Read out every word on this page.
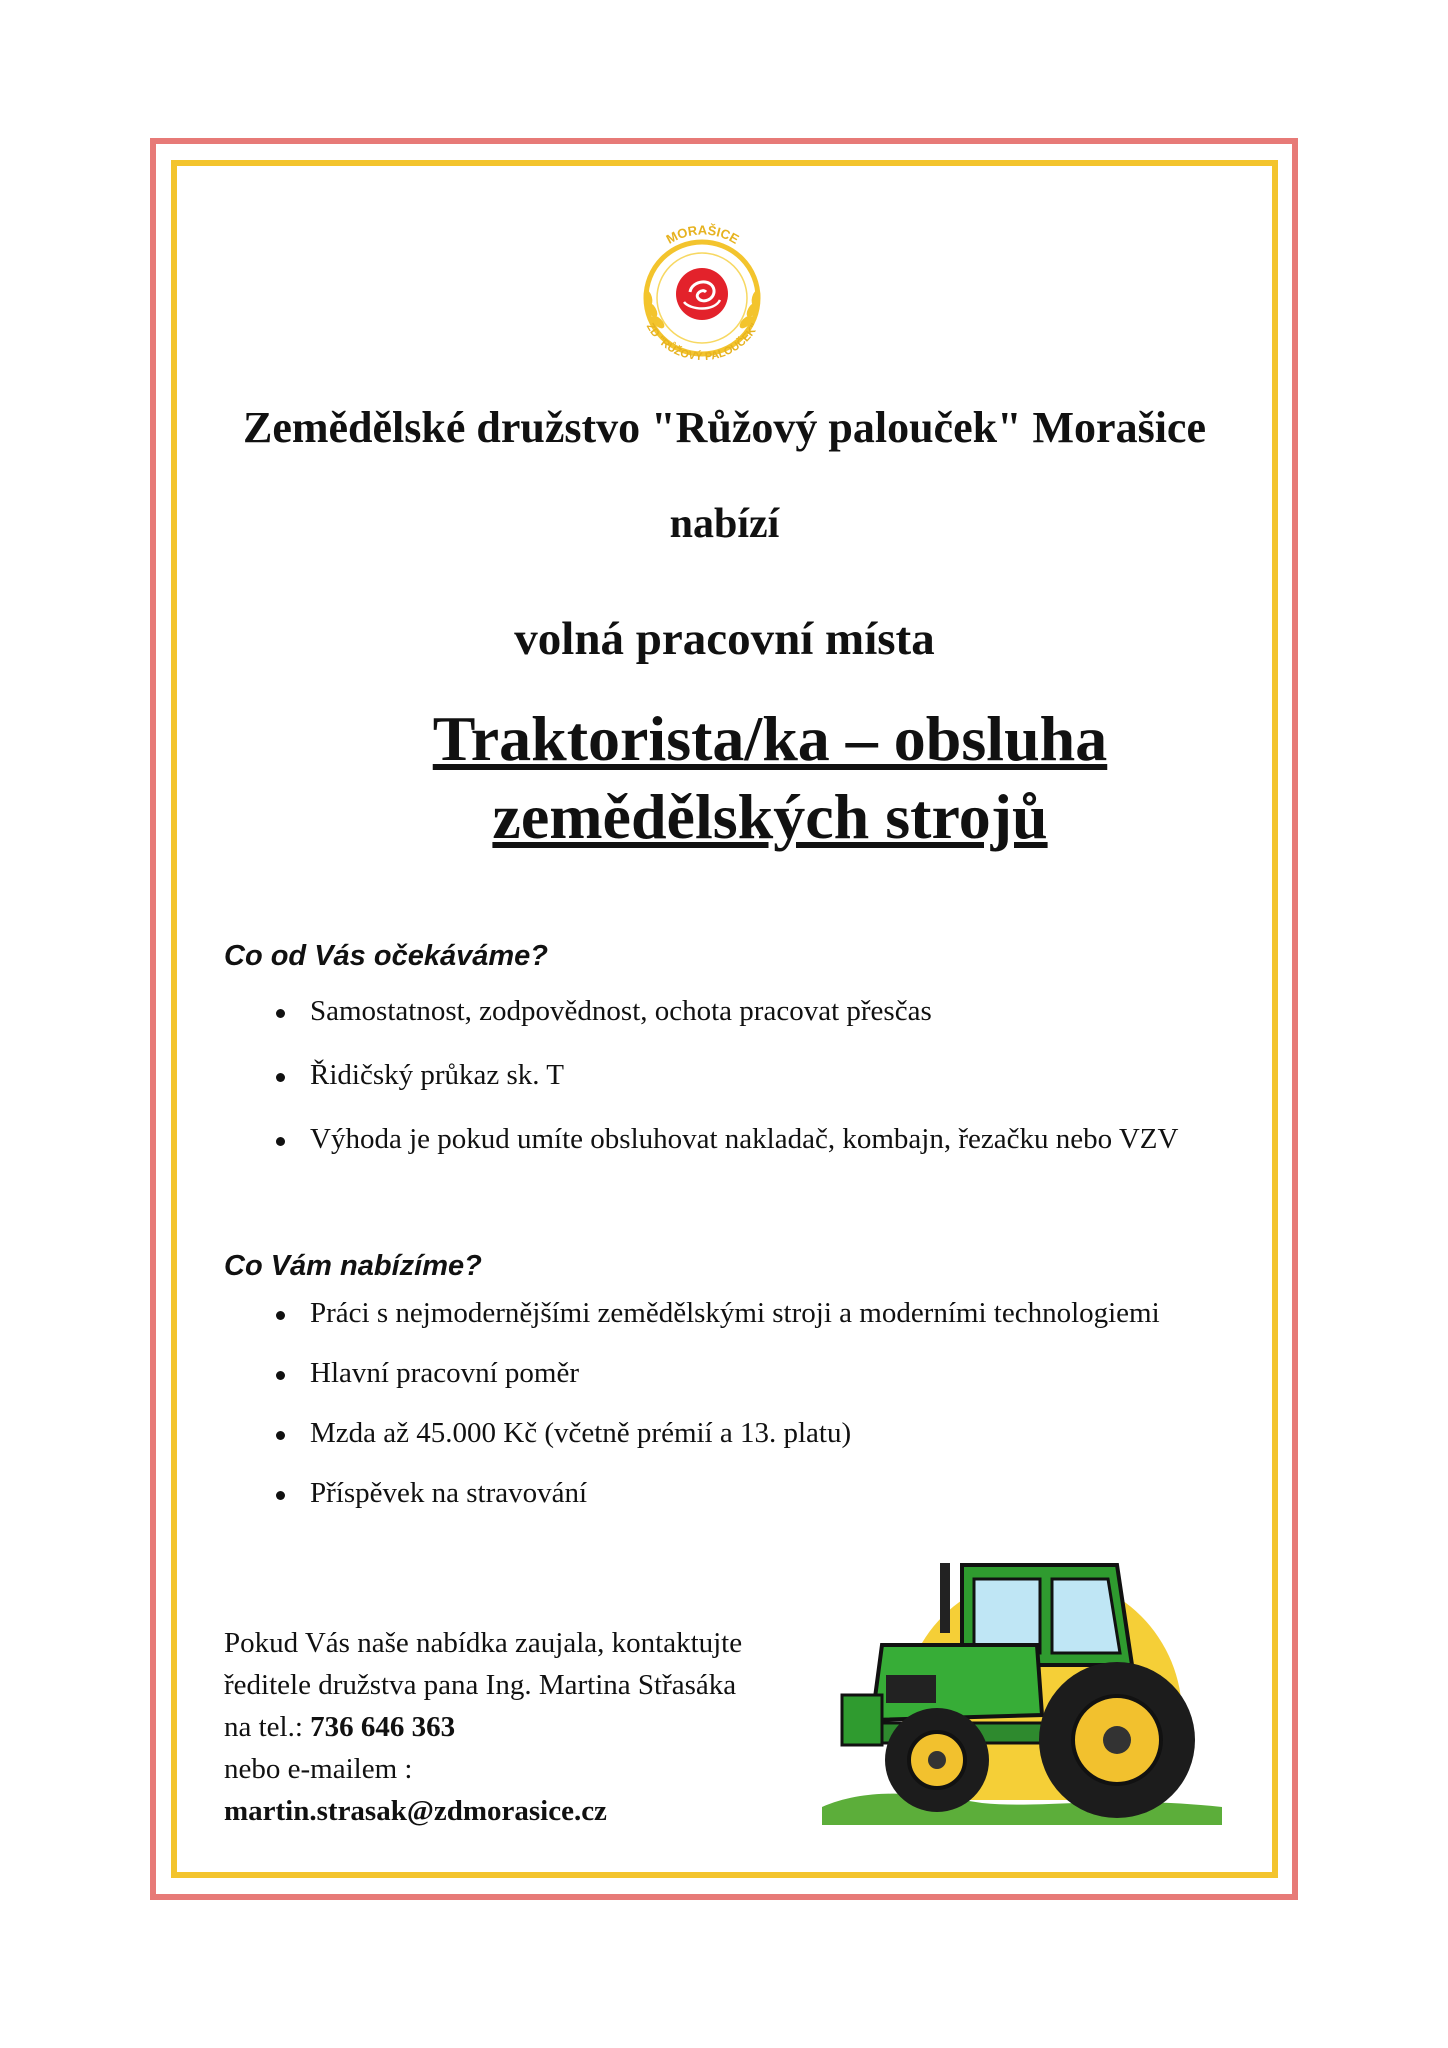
MORAŠICE
ZD "RŮŽOVÝ PALOUČEK"
Zemědělské družstvo "Růžový palouček" Morašice
nabízí
volná pracovní místa
Traktorista/ka – obsluha
zemědělských strojů
Co od Vás očekáváme?
Samostatnost, zodpovědnost, ochota pracovat přesčas
Řidičský průkaz sk. T
Výhoda je pokud umíte obsluhovat nakladač, kombajn, řezačku nebo VZV
Co Vám nabízíme?
Práci s nejmodernějšími zemědělskými stroji a moderními technologiemi
Hlavní pracovní poměr
Mzda až 45.000 Kč (včetně prémií a 13. platu)
Příspěvek na stravování
Pokud Vás naše nabídka zaujala, kontaktujte
ředitele družstva pana Ing. Martina Střasáka
na tel.: 736 646 363
nebo e-mailem :
martin.strasak@zdmorasice.cz
